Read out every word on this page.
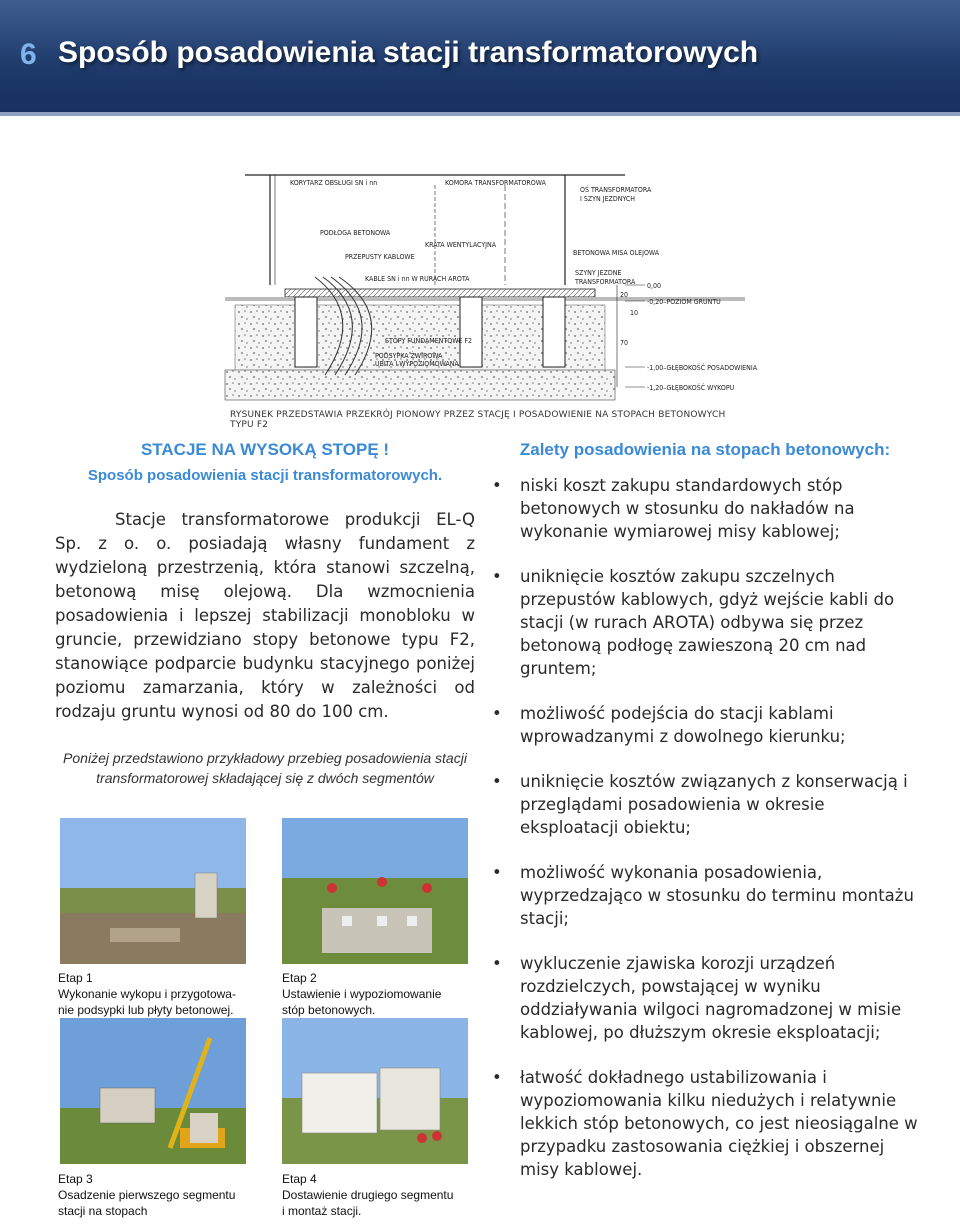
6 Sposób posadowienia stacji transformatorowych
KORYTARZ OBSŁUGI SN i nn	KOMORA TRANSFORMATOROWA
OŚ TRANSFORMATORA
I SZYN JEZDNYCH
PODŁOGA BETONOWA
PRZEPUSTY KABLOWE
KRATA WENTYLACYJNA
BETONOWA MISA OLEJOWA
KABLE SN i nn W RURACH AROTA
SZYNY JEZDNE
TRANSFORMATORA 0,00
-0,20–POZIOM GRUNTU
STOPY FUNDAMENTOWE F2
PODSYPKA ŻWIROWA
UBITA I WYPOZIOMOWANA	-1,00–GŁĘBOKOŚĆ POSADOWIENIA
-1,20–GŁĘBOKOŚĆ WYKOPU
20
10
70
RYSUNEK PRZEDSTAWIA PRZEKRÓJ PIONOWY PRZEZ STACJĘ I POSADOWIENIE NA STOPACH BETONOWYCH TYPU F2
STACJE NA WYSOKĄ STOPĘ !
Sposób posadowienia stacji transformatorowych.

Stacje transformatorowe produkcji EL-Q Sp. z o. o. posiadają własny fundament z wydzieloną przestrzenią, która stanowi szczelną, betonową misę olejową. Dla wzmocnienia posadowienia i lepszej stabilizacji monobloku w gruncie, przewidziano stopy betonowe typu F2, stanowiące podparcie budynku stacyjnego poniżej poziomu zamarzania, który w zależności od rodzaju gruntu wynosi od 80 do 100 cm.

Poniżej przedstawiono przykładowy przebieg posadowienia stacji transformatorowej składającej się z dwóch segmentów

Etap 1
Wykonanie wykopu i przygotowa-
nie podsypki lub płyty betonowej.
Etap 2
Ustawienie i wypoziomowanie
stóp betonowych.
Etap 3
Osadzenie pierwszego segmentu
stacji na stopach
Etap 4
Dostawienie drugiego segmentu
i montaż stacji.
Zalety posadowienia na stopach betonowych:
• niski koszt zakupu standardowych stóp betonowych w stosunku do nakładów na wykonanie wymiarowej misy kablowej;
• uniknięcie kosztów zakupu szczelnych przepustów kablowych, gdyż wejście kabli do stacji (w rurach AROTA) odbywa się przez betonową podłogę zawieszoną 20 cm nad gruntem;
• możliwość podejścia do stacji kablami wprowadzanymi z dowolnego kierunku;
• uniknięcie kosztów związanych z konserwacją i przeglądami posadowienia w okresie eksploatacji obiektu;
• możliwość wykonania posadowienia, wyprzedzająco w stosunku do terminu montażu stacji;
• wykluczenie zjawiska korozji urządzeń rozdzielczych, powstającej w wyniku oddziaływania wilgoci nagromadzonej w misie kablowej, po dłuższym okresie eksploatacji;
• łatwość dokładnego ustabilizowania i wypoziomowania kilku niedużych i relatywnie lekkich stóp betonowych, co jest nieosiągalne w przypadku zastosowania ciężkiej i obszernej misy kablowej.
